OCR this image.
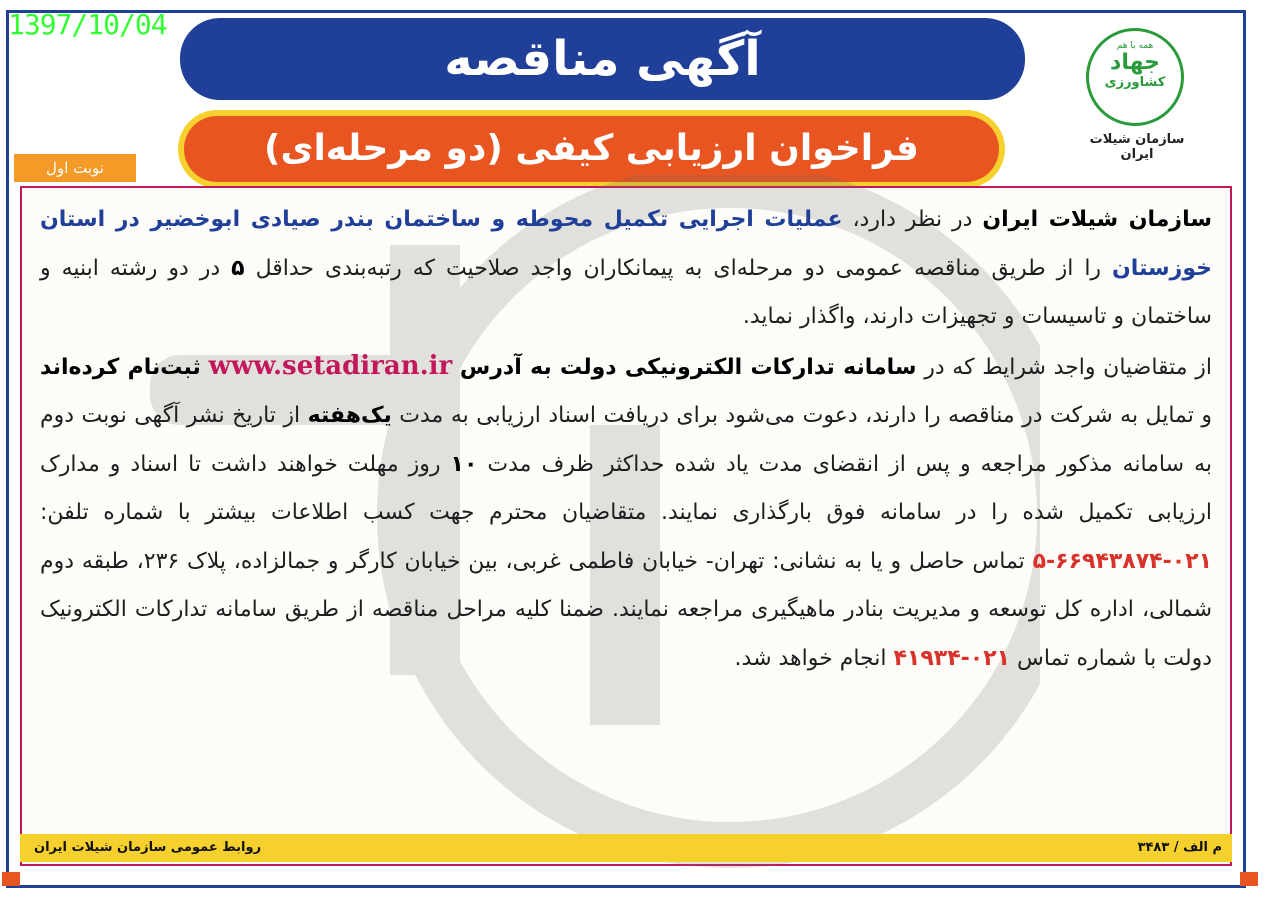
1397/10/04
آگهی مناقصه
فراخوان ارزیابی کیفی (دو مرحله‌ای)
همه با هم
جهاد
کشاورزی
سازمان شیلات ایران
نوبت اول

سازمان شیلات ایران در نظر دارد، عملیات اجرایی تکمیل محوطه و ساختمان بندر صیادی ابوخضیر در استان خوزستان را از طریق مناقصه عمومی دو مرحله‌ای به پیمانکاران واجد صلاحیت که رتبه‌بندی حداقل ۵ در دو رشته ابنیه و ساختمان و تاسیسات و تجهیزات دارند، واگذار نماید.

از متقاضیان واجد شرایط که در سامانه تدارکات الکترونیکی دولت به آدرس www.setadiran.ir ثبت‌نام کرده‌اند و تمایل به شرکت در مناقصه را دارند، دعوت می‌شود برای دریافت اسناد ارزیابی به مدت یک‌هفته از تاریخ نشر آگهی نوبت دوم به سامانه مذکور مراجعه و پس از انقضای مدت یاد شده حداکثر ظرف مدت ۱۰ روز مهلت خواهند داشت تا اسناد و مدارک ارزیابی تکمیل شده را در سامانه فوق بارگذاری نمایند. متقاضیان محترم جهت کسب اطلاعات بیشتر با شماره تلفن: ۰۲۱-۶۶۹۴۳۸۷۴-۵ تماس حاصل و یا به نشانی: تهران- خیابان فاطمی غربی، بین خیابان کارگر و جمالزاده، پلاک ۲۳۶، طبقه دوم شمالی، اداره کل توسعه و مدیریت بنادر ماهیگیری مراجعه نمایند. ضمنا کلیه مراحل مناقصه از طریق سامانه تدارکات الکترونیک دولت با شماره تماس ۰۲۱-۴۱۹۳۴ انجام خواهد شد.

م الف / ۳۴۸۳
روابط عمومی سازمان شیلات ایران
